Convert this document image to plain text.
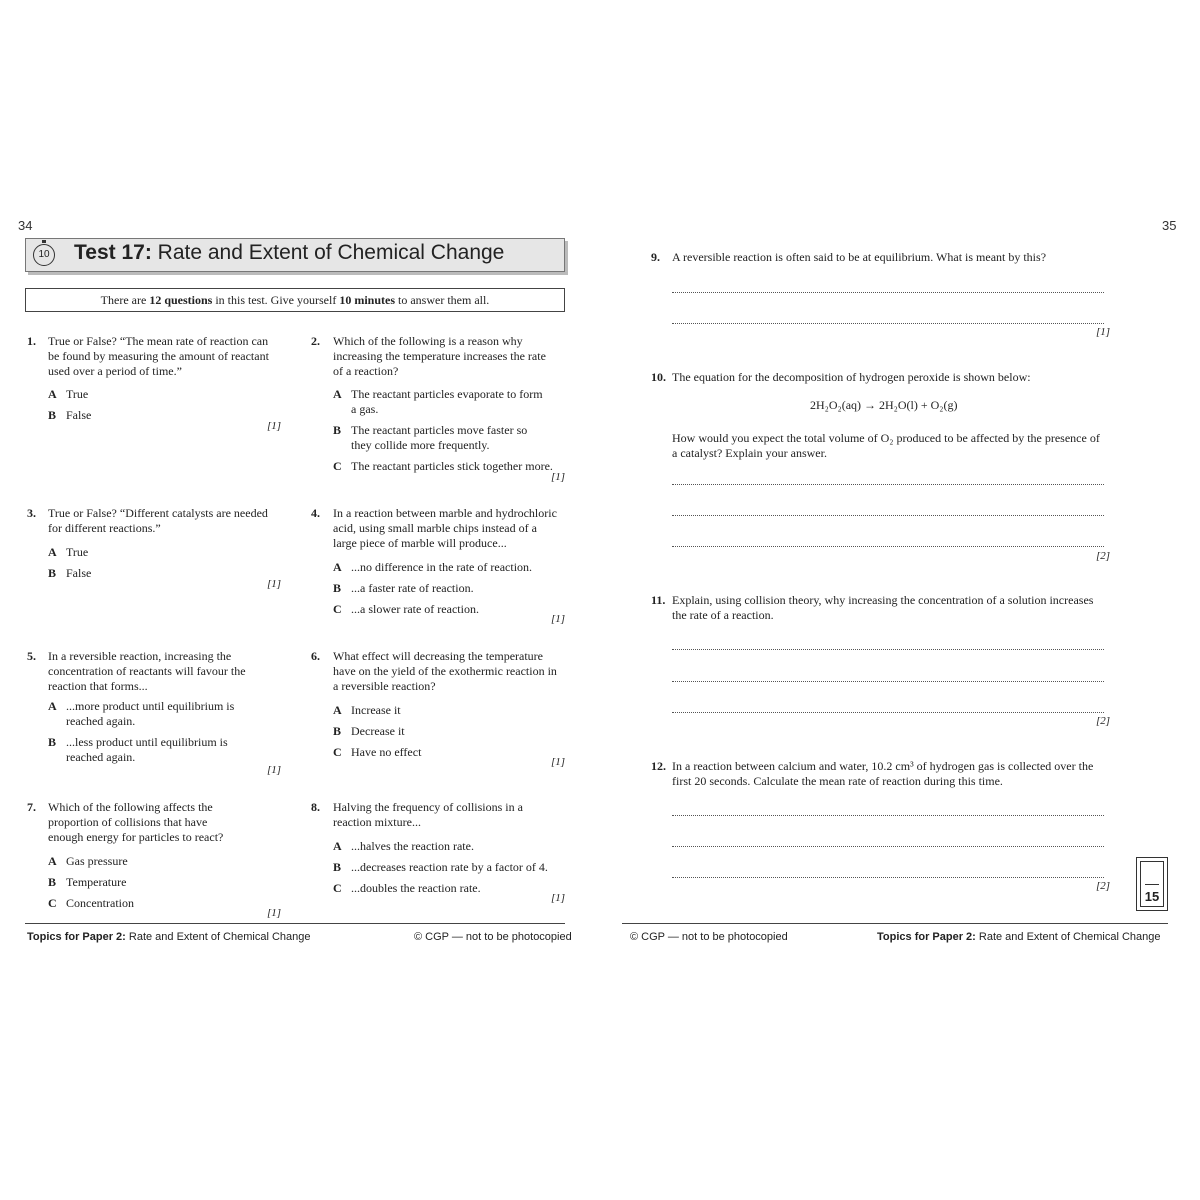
34
10 Test 17: Rate and Extent of Chemical Change
There are 12 questions in this test. Give yourself 10 minutes to answer them all.
1. True or False? “The mean rate of reaction can
be found by measuring the amount of reactant
used over a period of time.”
A True
B False
[1]
2. Which of the following is a reason why
increasing the temperature increases the rate
of a reaction?
A The reactant particles evaporate to form
a gas.
B The reactant particles move faster so
they collide more frequently.
C The reactant particles stick together more.
[1]
3. True or False? “Different catalysts are needed
for different reactions.”
A True
B False
[1]
4. In a reaction between marble and hydrochloric
acid, using small marble chips instead of a
large piece of marble will produce...
A ...no difference in the rate of reaction.
B ...a faster rate of reaction.
C ...a slower rate of reaction.
[1]
5. In a reversible reaction, increasing the
concentration of reactants will favour the
reaction that forms...
A ...more product until equilibrium is
reached again.
B ...less product until equilibrium is
reached again.
[1]
6. What effect will decreasing the temperature
have on the yield of the exothermic reaction in
a reversible reaction?
A Increase it
B Decrease it
C Have no effect
[1]
7. Which of the following affects the
proportion of collisions that have
enough energy for particles to react?
A Gas pressure
B Temperature
C Concentration
[1]
8. Halving the frequency of collisions in a
reaction mixture...
A ...halves the reaction rate.
B ...decreases reaction rate by a factor of 4.
C ...doubles the reaction rate.
[1]
Topics for Paper 2: Rate and Extent of Chemical Change	© CGP — not to be photocopied
35
9. A reversible reaction is often said to be at equilibrium. What is meant by this?
[1]
10. The equation for the decomposition of hydrogen peroxide is shown below:
2H₂O₂(aq) → 2H₂O(l) + O₂(g)
How would you expect the total volume of O₂ produced to be affected by the presence of
a catalyst? Explain your answer.
[2]
11. Explain, using collision theory, why increasing the concentration of a solution increases
the rate of a reaction.
[2]
12. In a reaction between calcium and water, 10.2 cm³ of hydrogen gas is collected over the
first 20 seconds. Calculate the mean rate of reaction during this time.
[2]
15
© CGP — not to be photocopied	Topics for Paper 2: Rate and Extent of Chemical Change
